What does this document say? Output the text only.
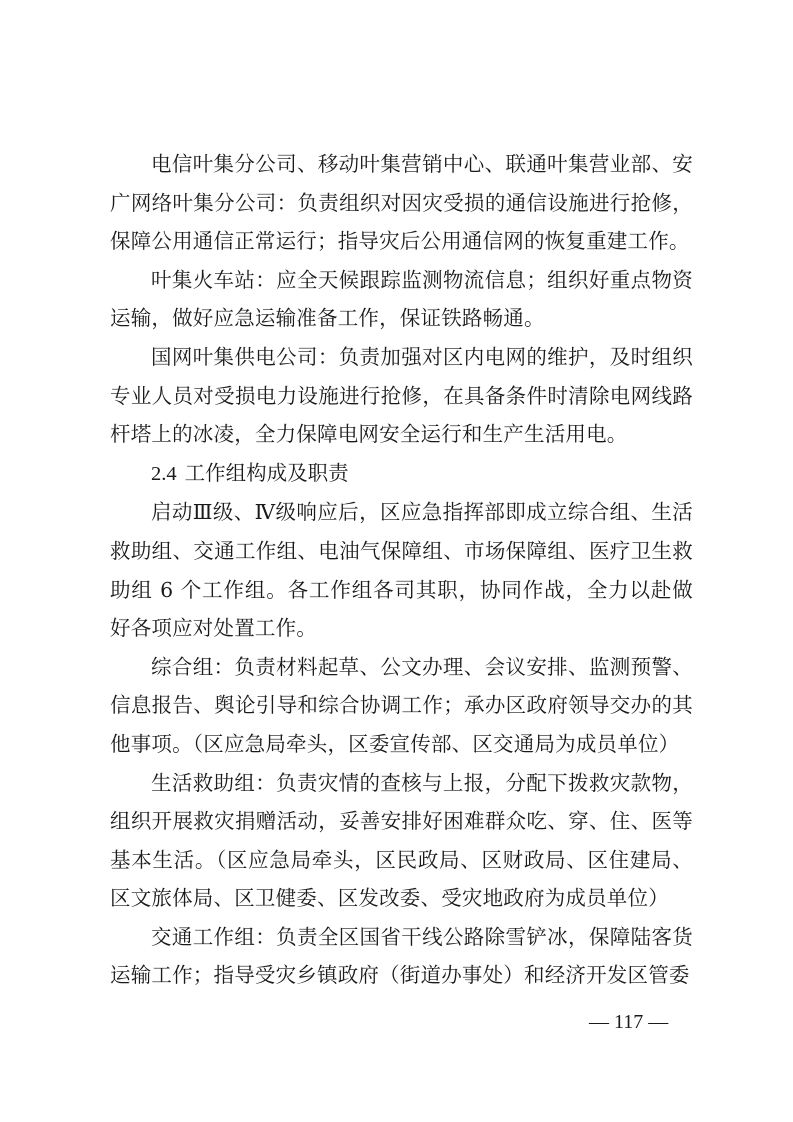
电信叶集分公司、移动叶集营销中心、联通叶集营业部、安广网络叶集分公司：负责组织对因灾受损的通信设施进行抢修，保障公用通信正常运行；指导灾后公用通信网的恢复重建工作。

叶集火车站：应全天候跟踪监测物流信息；组织好重点物资运输，做好应急运输准备工作，保证铁路畅通。

国网叶集供电公司：负责加强对区内电网的维护，及时组织专业人员对受损电力设施进行抢修，在具备条件时清除电网线路杆塔上的冰凌，全力保障电网安全运行和生产生活用电。

2.4 工作组构成及职责

启动Ⅲ级、Ⅳ级响应后，区应急指挥部即成立综合组、生活救助组、交通工作组、电油气保障组、市场保障组、医疗卫生救助组 6 个工作组。各工作组各司其职，协同作战，全力以赴做好各项应对处置工作。

综合组：负责材料起草、公文办理、会议安排、监测预警、信息报告、舆论引导和综合协调工作；承办区政府领导交办的其他事项。（区应急局牵头，区委宣传部、区交通局为成员单位）

生活救助组：负责灾情的查核与上报，分配下拨救灾款物，组织开展救灾捐赠活动，妥善安排好困难群众吃、穿、住、医等基本生活。（区应急局牵头，区民政局、区财政局、区住建局、区文旅体局、区卫健委、区发改委、受灾地政府为成员单位）

交通工作组：负责全区国省干线公路除雪铲冰，保障陆客货运输工作；指导受灾乡镇政府（街道办事处）和经济开发区管委

— 117 —
